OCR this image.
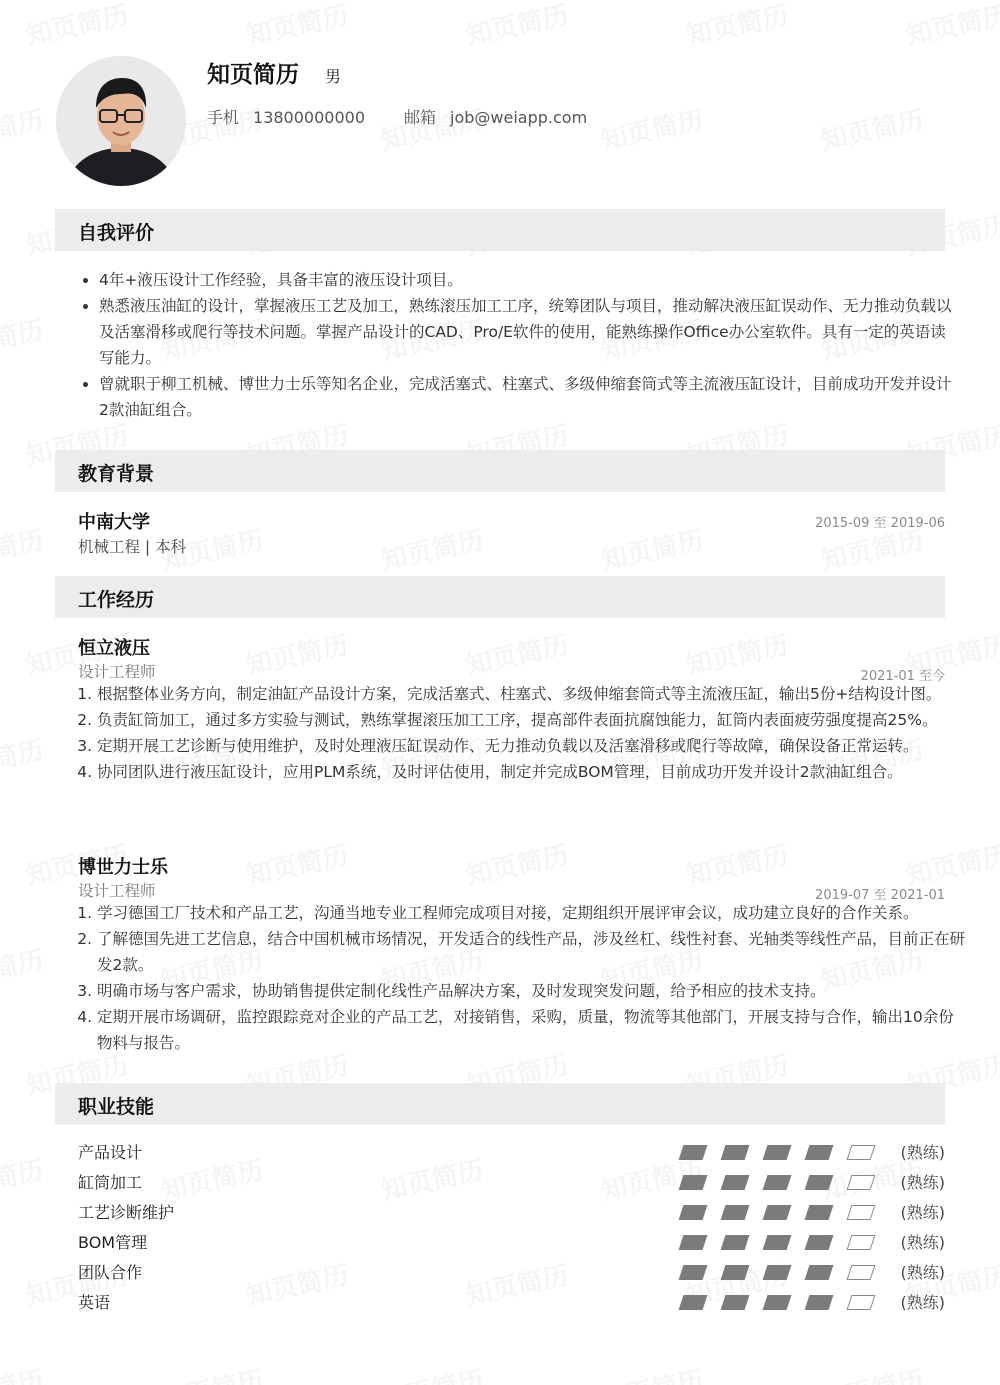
知页简历 男
手机 13800000000 邮箱 job@weiapp.com
自我评价
• 4年+液压设计工作经验，具备丰富的液压设计项目。
• 熟悉液压油缸的设计，掌握液压工艺及加工，熟练滚压加工工序，统筹团队与项目，推动解决液压缸误动作、无力推动负载以及活塞滑移或爬行等技术问题。掌握产品设计的CAD、Pro/E软件的使用，能熟练操作Office办公室软件。具有一定的英语读写能力。
• 曾就职于柳工机械、博世力士乐等知名企业，完成活塞式、柱塞式、多级伸缩套筒式等主流液压缸设计，目前成功开发并设计2款油缸组合。
教育背景
中南大学	2015-09 至 2019-06
机械工程 | 本科
工作经历
恒立液压
设计工程师	2021-01 至今
1. 根据整体业务方向，制定油缸产品设计方案，完成活塞式、柱塞式、多级伸缩套筒式等主流液压缸，输出5份+结构设计图。
2. 负责缸筒加工，通过多方实验与测试，熟练掌握滚压加工工序，提高部件表面抗腐蚀能力，缸筒内表面疲劳强度提高25%。
3. 定期开展工艺诊断与使用维护，及时处理液压缸误动作、无力推动负载以及活塞滑移或爬行等故障，确保设备正常运转。
4. 协同团队进行液压缸设计，应用PLM系统，及时评估使用，制定并完成BOM管理，目前成功开发并设计2款油缸组合。
博世力士乐
设计工程师	2019-07 至 2021-01
1. 学习德国工厂技术和产品工艺，沟通当地专业工程师完成项目对接，定期组织开展评审会议，成功建立良好的合作关系。
2. 了解德国先进工艺信息，结合中国机械市场情况，开发适合的线性产品，涉及丝杠、线性衬套、光轴类等线性产品，目前正在研发2款。
3. 明确市场与客户需求，协助销售提供定制化线性产品解决方案，及时发现突发问题，给予相应的技术支持。
4. 定期开展市场调研，监控跟踪竞对企业的产品工艺，对接销售，采购，质量，物流等其他部门，开展支持与合作，输出10余份物料与报告。
职业技能
产品设计	(熟练)
缸筒加工	(熟练)
工艺诊断维护	(熟练)
BOM管理	(熟练)
团队合作	(熟练)
英语	(熟练)
